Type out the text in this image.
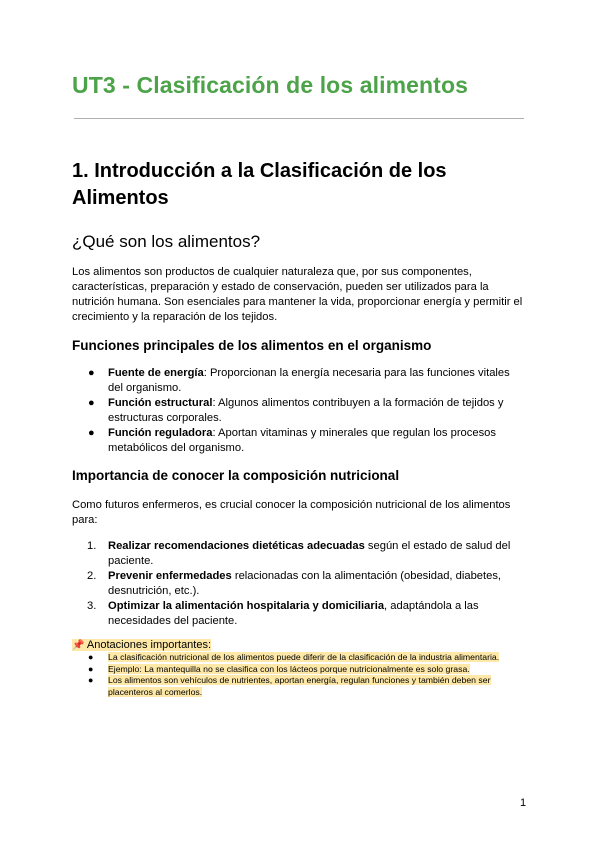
UT3 - Clasificación de los alimentos
1. Introducción a la Clasificación de los Alimentos
¿Qué son los alimentos?

Los alimentos son productos de cualquier naturaleza que, por sus componentes, características, preparación y estado de conservación, pueden ser utilizados para la nutrición humana. Son esenciales para mantener la vida, proporcionar energía y permitir el crecimiento y la reparación de los tejidos.

Funciones principales de los alimentos en el organismo
● Fuente de energía: Proporcionan la energía necesaria para las funciones vitales del organismo.
● Función estructural: Algunos alimentos contribuyen a la formación de tejidos y estructuras corporales.
● Función reguladora: Aportan vitaminas y minerales que regulan los procesos metabólicos del organismo.
Importancia de conocer la composición nutricional

Como futuros enfermeros, es crucial conocer la composición nutricional de los alimentos para:

1. Realizar recomendaciones dietéticas adecuadas según el estado de salud del paciente.
2. Prevenir enfermedades relacionadas con la alimentación (obesidad, diabetes, desnutrición, etc.).
3. Optimizar la alimentación hospitalaria y domiciliaria, adaptándola a las necesidades del paciente.
📌 Anotaciones importantes:
● La clasificación nutricional de los alimentos puede diferir de la clasificación de la industria alimentaria.
● Ejemplo: La mantequilla no se clasifica con los lácteos porque nutricionalmente es solo grasa.
● Los alimentos son vehículos de nutrientes, aportan energía, regulan funciones y también deben ser placenteros al comerlos.
1
